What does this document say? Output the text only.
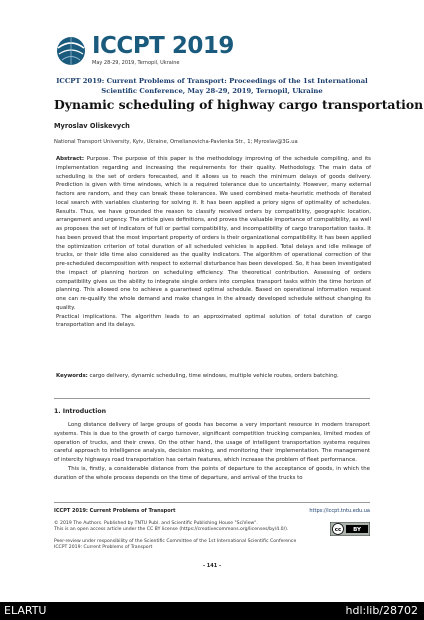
ICCPT 2019
May 28-29, 2019, Ternopil, Ukraine
ICCPT 2019: Current Problems of Transport: Proceedings of the 1st International Scientific Conference, May 28-29, 2019, Ternopil, Ukraine
Dynamic scheduling of highway cargo transportation
Myroslav Oliskevych
National Transport University, Kyiv, Ukraine, Omelianovicha-Pavlenka Str., 1; Myroslav@3G.ua

Abstract: Purpose. The purpose of this paper is the methodology improving of the schedule compiling, and its implementation regarding and increasing the requirements for their quality. Methodology. The main data of scheduling is the set of orders forecasted, and it allows us to reach the minimum delays of goods delivery. Prediction is given with time windows, which is a required tolerance due to uncertainty. However, many external factors are random, and they can break these tolerances. We used combined meta-heuristic methods of iterated local search with variables clustering for solving it. It has been applied a priory signs of optimality of schedules. Results. Thus, we have grounded the reason to classify received orders by compatibility, geographic location, arrangement and urgency. The article gives definitions, and proves the valuable importance of compatibility, as well as proposes the set of indicators of full or partial compatibility, and incompatibility of cargo transportation tasks. It has been proved that the most important property of orders is their organizational compatibility. It has been applied the optimization criterion of total duration of all scheduled vehicles is applied. Total delays and idle mileage of trucks, or their idle time also considered as the quality indicators. The algorithm of operational correction of the pre-scheduled decomposition with respect to external disturbance has been developed. So, it has been investigated the impact of planning horizon on scheduling efficiency. The theoretical contribution. Assessing of orders compatibility gives us the ability to integrate single orders into complex transport tasks within the time horizon of planning. This allowed one to achieve a guaranteed optimal schedule. Based on operational information request one can re-qualify the whole demand and make changes in the already developed schedule without changing its quality.

Practical implications. The algorithm leads to an approximated optimal solution of total duration of cargo transportation and its delays.

Keywords: cargo delivery, dynamic scheduling, time windows, multiple vehicle routes, orders batching.
1. Introduction

Long distance delivery of large groups of goods has become a very important resource in modern transport systems. This is due to the growth of cargo turnover, significant competition trucking companies, limited modes of operation of trucks, and their crews. On the other hand, the usage of intelligent transportation systems requires careful approach to intelligence analysis, decision making, and monitoring their implementation. The management of intercity highways road transportation has certain features, which increase the problem of fleet performance.

This is, firstly, a considerable distance from the points of departure to the acceptance of goods, in which the duration of the whole process depends on the time of departure, and arrival of the trucks to

ICCPT 2019: Current Problems of Transport	https://iccpt.tntu.edu.ua
© 2019 The Authors. Published by TNTU Publ. and Scientific Publishing House "SciView".
This is an open access article under the CC BY license (https://creativecommons.org/licenses/by/4.0/).	cc BY
Peer-review under responsibility of the Scientific Committee of the 1st International Scientific Conference
ICCPT 2019: Current Problems of Transport
- 141 -
ELARTU	hdl:lib/28702
